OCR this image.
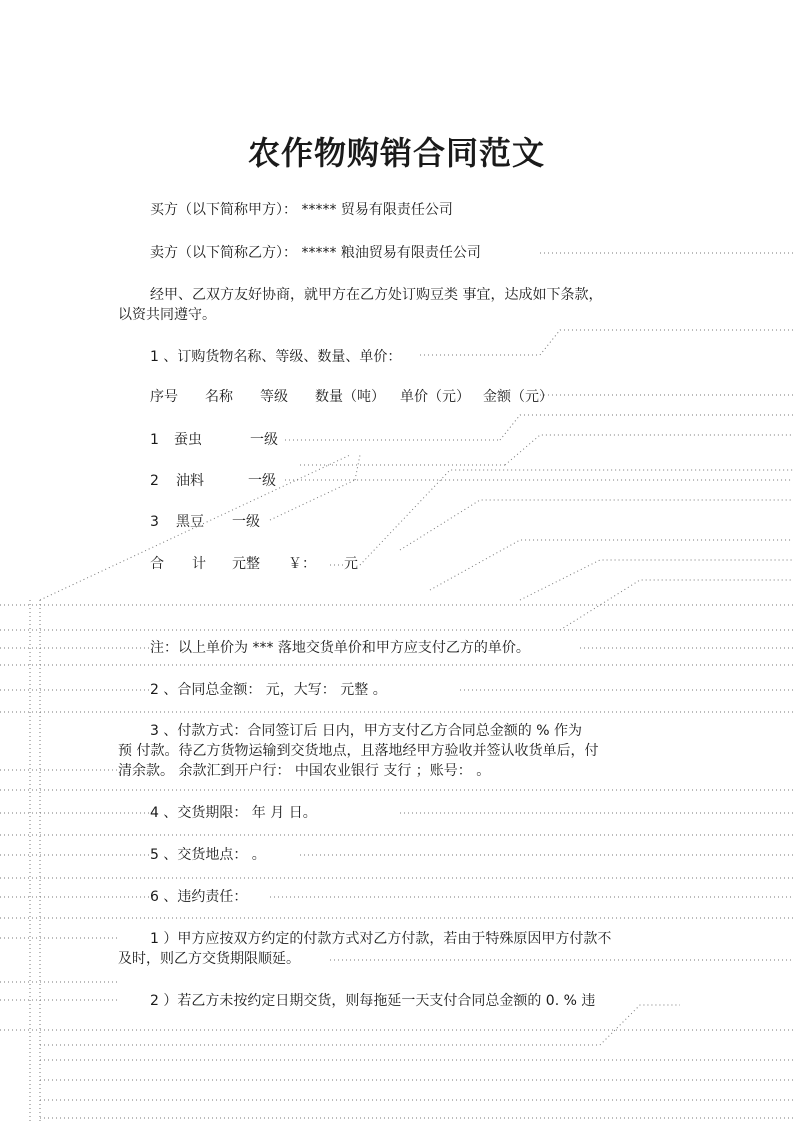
农作物购销合同范文

买方（以下简称甲方）： ***** 贸易有限责任公司

卖方（以下简称乙方）： ***** 粮油贸易有限责任公司

经甲、乙双方友好协商，就甲方在乙方处订购豆类 事宜，达成如下条款，

以资共同遵守。

1 、订购货物名称、等级、数量、单价：

序号 名称 等级 数量（吨） 单价（元） 金额（元）
1 蚕虫	一级
2 油料	一级
3 黑豆 一级
合 计 元整 ￥： 元

注：以上单价为 *** 落地交货单价和甲方应支付乙方的单价。

2 、合同总金额： 元，大写： 元整 。

3 、付款方式：合同签订后 日内，甲方支付乙方合同总金额的 % 作为

预 付款。待乙方货物运输到交货地点，且落地经甲方验收并签认收货单后，付

清余款。 余款汇到开户行： 中国农业银行 支行 ；账号： 。

4 、交货期限： 年 月 日。

5 、交货地点： 。

6 、违约责任：

1 ）甲方应按双方约定的付款方式对乙方付款，若由于特殊原因甲方付款不

及时，则乙方交货期限顺延。

2 ）若乙方未按约定日期交货，则每拖延一天支付合同总金额的 0. % 违
